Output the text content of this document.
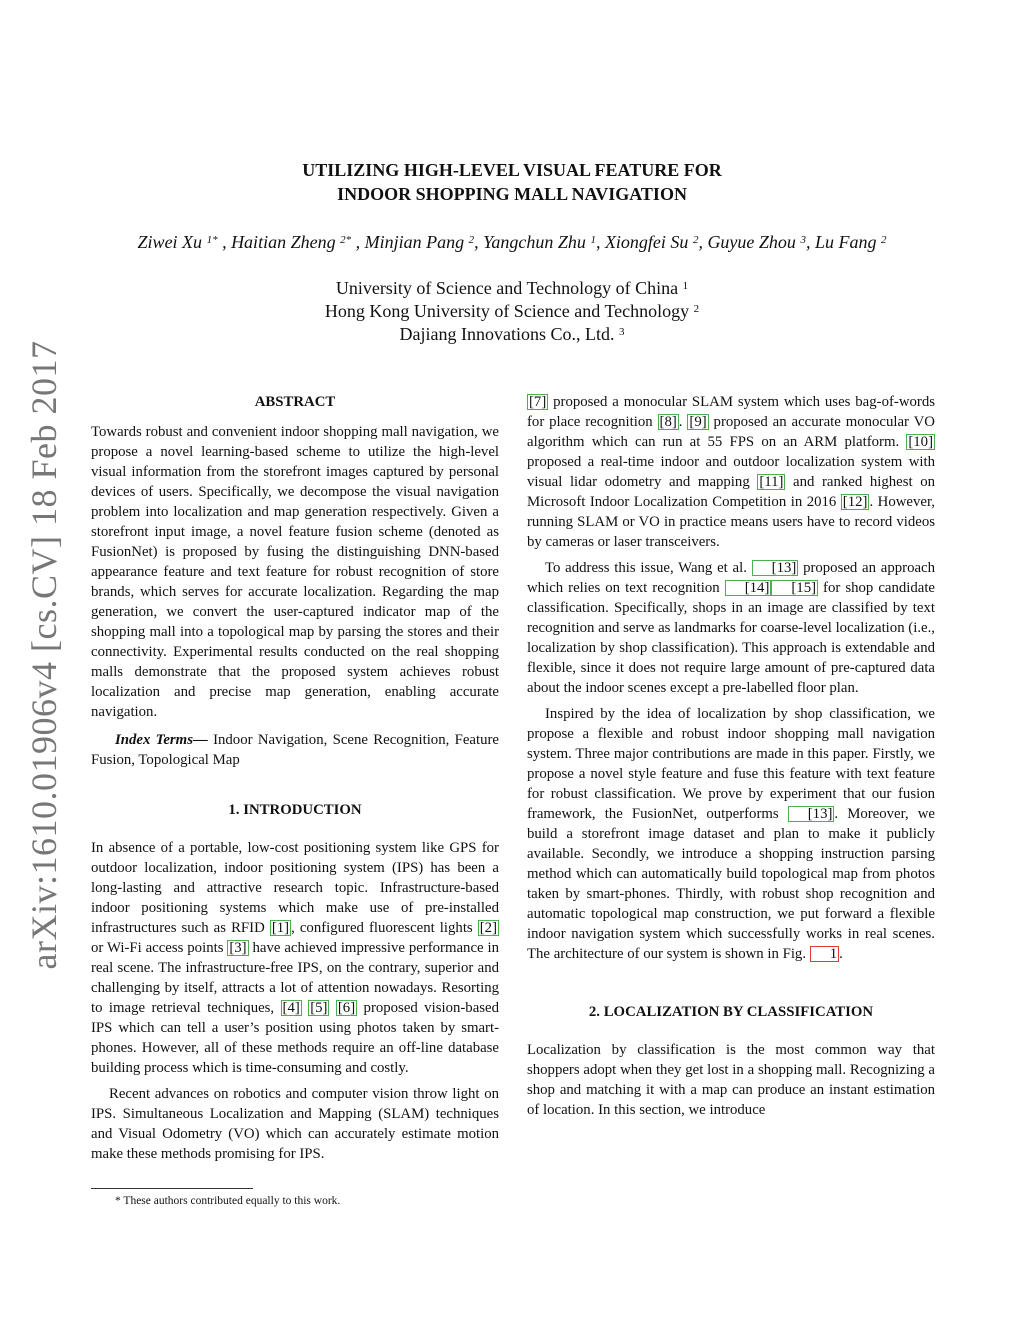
arXiv:1610.01906v4 [cs.CV] 18 Feb 2017
UTILIZING HIGH-LEVEL VISUAL FEATURE FOR
INDOOR SHOPPING MALL NAVIGATION
Ziwei Xu $^{1*}$ , Haitian Zheng $^{2*}$ , Minjian Pang $^2$, Yangchun Zhu $^1$, Xiongfei Su $^2$, Guyue Zhou $^3$, Lu Fang $^2$
University of Science and Technology of China $^1$
Hong Kong University of Science and Technology $^2$
Dajiang Innovations Co., Ltd. $^3$
ABSTRACT

Towards robust and convenient indoor shopping mall navigation, we propose a novel learning-based scheme to utilize the high-level visual information from the storefront images captured by personal devices of users. Specifically, we decompose the visual navigation problem into localization and map generation respectively. Given a storefront input image, a novel feature fusion scheme (denoted as FusionNet) is proposed by fusing the distinguishing DNN-based appearance feature and text feature for robust recognition of store brands, which serves for accurate localization. Regarding the map generation, we convert the user-captured indicator map of the shopping mall into a topological map by parsing the stores and their connectivity. Experimental results conducted on the real shopping malls demonstrate that the proposed system achieves robust localization and precise map generation, enabling accurate navigation.

Index Terms— Indoor Navigation, Scene Recognition, Feature Fusion, Topological Map

1. INTRODUCTION

In absence of a portable, low-cost positioning system like GPS for outdoor localization, indoor positioning system (IPS) has been a long-lasting and attractive research topic. Infrastructure-based indoor positioning systems which make use of pre-installed infrastructures such as RFID [1] , configured fluorescent lights [2] or Wi-Fi access points [3] have achieved impressive performance in real scene. The infrastructure-free IPS, on the contrary, superior and challenging by itself, attracts a lot of attention nowadays. Resorting to image retrieval techniques, [4] [5] [6] proposed vision-based IPS which can tell a user’s position using photos taken by smart-phones. However, all of these methods require an off-line database building process which is time-consuming and costly.

Recent advances on robotics and computer vision throw light on IPS. Simultaneous Localization and Mapping (SLAM) techniques and Visual Odometry (VO) which can accurately estimate motion make these methods promising for IPS.

[7] proposed a monocular SLAM system which uses bag-of-words for place recognition [8] . [9] proposed an accurate monocular VO algorithm which can run at 55 FPS on an ARM platform. [10] proposed a real-time indoor and outdoor localization system with visual lidar odometry and mapping [11] and ranked highest on Microsoft Indoor Localization Competition in 2016 [12] . However, running SLAM or VO in practice means users have to record videos by cameras or laser transceivers.

To address this issue, Wang et al. [13] proposed an approach which relies on text recognition [14] [15] for shop candidate classification. Specifically, shops in an image are classified by text recognition and serve as landmarks for coarse-level localization (i.e., localization by shop classification). This approach is extendable and flexible, since it does not require large amount of pre-captured data about the indoor scenes except a pre-labelled floor plan.

Inspired by the idea of localization by shop classification, we propose a flexible and robust indoor shopping mall navigation system. Three major contributions are made in this paper. Firstly, we propose a novel style feature and fuse this feature with text feature for robust classification. We prove by experiment that our fusion framework, the FusionNet, outperforms [13] . Moreover, we build a storefront image dataset and plan to make it publicly available. Secondly, we introduce a shopping instruction parsing method which can automatically build topological map from photos taken by smart-phones. Thirdly, with robust shop recognition and automatic topological map construction, we put forward a flexible indoor navigation system which successfully works in real scenes. The architecture of our system is shown in Fig. 1 .

2. LOCALIZATION BY CLASSIFICATION

Localization by classification is the most common way that shoppers adopt when they get lost in a shopping mall. Recognizing a shop and matching it with a map can produce an instant estimation of location. In this section, we introduce

* These authors contributed equally to this work.
